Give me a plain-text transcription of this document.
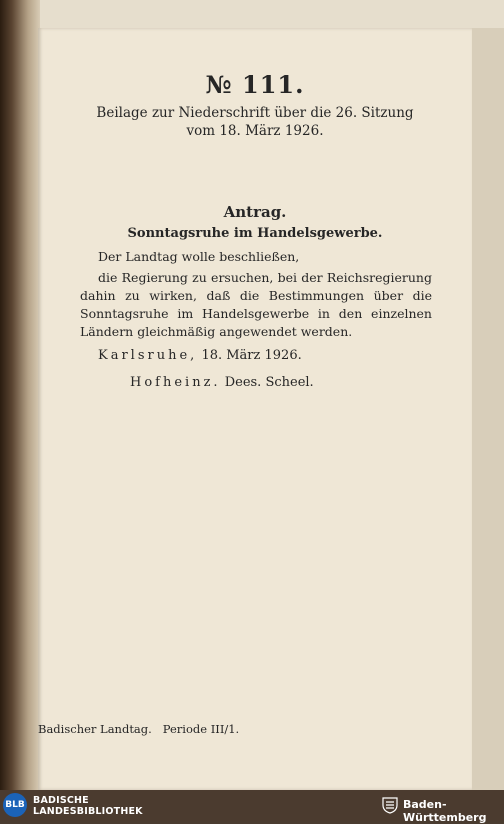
№ 111.
Beilage zur Niederschrift über die 26. Sitzung
vom 18. März 1926.
Antrag.
Sonntagsruhe im Handelsgewerbe.
Der Landtag wolle beschließen,
die Regierung zu ersuchen, bei der Reichsregierung
dahin zu wirken, daß die Bestimmungen über die
Sonntagsruhe im Handelsgewerbe in den einzelnen
Ländern gleichmäßig angewendet werden.
Karlsruhe, 18. März 1926.
Hofheinz. Dees. Scheel.
Badischer Landtag. Periode III/1.
BLB BADISCHE
LANDESBIBLIOTHEK
Baden-Württemberg
